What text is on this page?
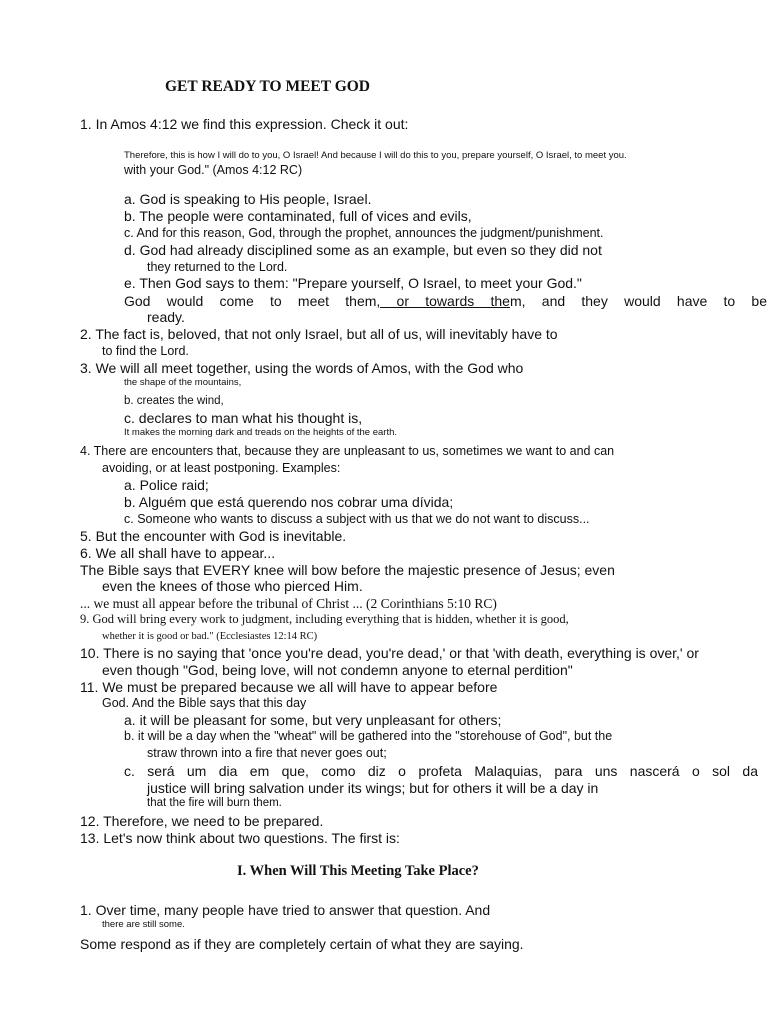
GET READY TO MEET GOD
1. In Amos 4:12 we find this expression. Check it out:
Therefore, this is how I will do to you, O Israel! And because I will do this to you, prepare yourself, O Israel, to meet you.
with your God." (Amos 4:12 RC)
a. God is speaking to His people, Israel.
b. The people were contaminated, full of vices and evils,
c. And for this reason, God, through the prophet, announces the judgment/punishment.
d. God had already disciplined some as an example, but even so they did not
they returned to the Lord.
e. Then God says to them: "Prepare yourself, O Israel, to meet your God."
God would come to meet them, or towards them, and they would have to be
ready.
2. The fact is, beloved, that not only Israel, but all of us, will inevitably have to
to find the Lord.
3. We will all meet together, using the words of Amos, with the God who
the shape of the mountains,
b. creates the wind,
c. declares to man what his thought is,
It makes the morning dark and treads on the heights of the earth.
4. There are encounters that, because they are unpleasant to us, sometimes we want to and can
avoiding, or at least postponing. Examples:
a. Police raid;
b. Alguém que está querendo nos cobrar uma dívida;
c. Someone who wants to discuss a subject with us that we do not want to discuss...
5. But the encounter with God is inevitable.
6. We all shall have to appear...
The Bible says that EVERY knee will bow before the majestic presence of Jesus; even
even the knees of those who pierced Him.
... we must all appear before the tribunal of Christ ... (2 Corinthians 5:10 RC)
9. God will bring every work to judgment, including everything that is hidden, whether it is good,
whether it is good or bad." (Ecclesiastes 12:14 RC)
10. There is no saying that 'once you're dead, you're dead,' or that 'with death, everything is over,' or
even though "God, being love, will not condemn anyone to eternal perdition"
11. We must be prepared because we all will have to appear before
God. And the Bible says that this day
a. it will be pleasant for some, but very unpleasant for others;
b. it will be a day when the "wheat" will be gathered into the "storehouse of God", but the
straw thrown into a fire that never goes out;
c. será um dia em que, como diz o profeta Malaquias, para uns nascerá o sol da
justice will bring salvation under its wings; but for others it will be a day in
that the fire will burn them.
12. Therefore, we need to be prepared.
13. Let's now think about two questions. The first is:
I. When Will This Meeting Take Place?
1. Over time, many people have tried to answer that question. And
there are still some.
Some respond as if they are completely certain of what they are saying.
